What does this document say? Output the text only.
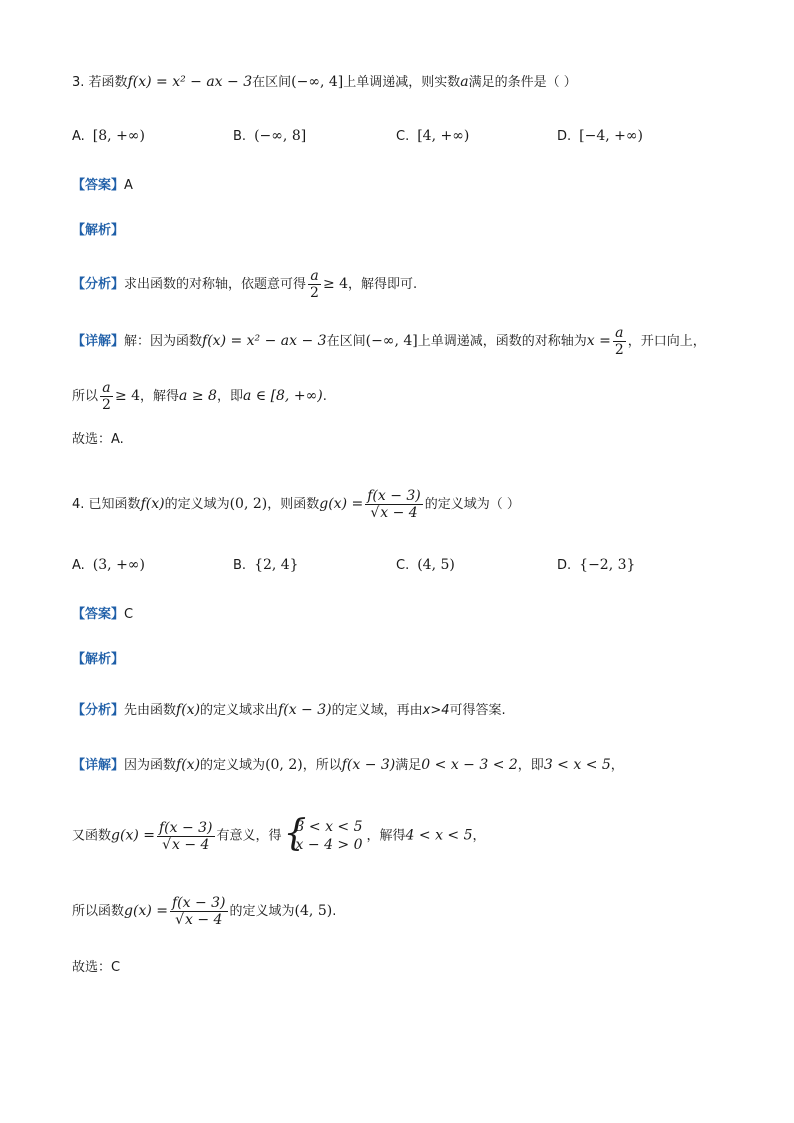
3. 若函数f(x) = x² − ax − 3在区间(−∞, 4]上单调递减，则实数a满足的条件是（ ）
A. [8, +∞)	B. (−∞, 8]	C. [4, +∞)	D. [−4, +∞)
【答案】A
【解析】
【分析】求出函数的对称轴，依题意可得 $\frac{a}{2} \ge 4$，解得即可.
【详解】解：因为函数f(x) = x² − ax − 3在区间(−∞, 4]上单调递减，函数的对称轴为$x = \frac{a}{2}$ ，开口向上，
所以 $\frac{a}{2} \ge 4$，解得a ≥ 8，即a ∈ [8, +∞).
故选：A.
4. 已知函数f(x)的定义域为(0, 2)，则函数$g(x) = \frac{f(x - 3)}{√x - 4}$ 的定义域为（ ）
A. (3, +∞)	B. {2, 4}	C. (4, 5)	D. {−2, 3}
【答案】C
【解析】
【分析】先由函数f(x)的定义域求出f(x − 3)的定义域，再由x>4可得答案.
【详解】因为函数f(x)的定义域为(0, 2)，所以f(x − 3)满足0 < x − 3 < 2，即3 < x < 5，
又函数$g(x) = \frac{f(x - 3)}{√x - 4}$ 有意义，得
{ 3 < x < 5
x − 4 > 0
，解得4 < x < 5，
所以函数$g(x) = \frac{f(x - 3)}{√x - 4}$ 的定义域为(4, 5).
故选：C
